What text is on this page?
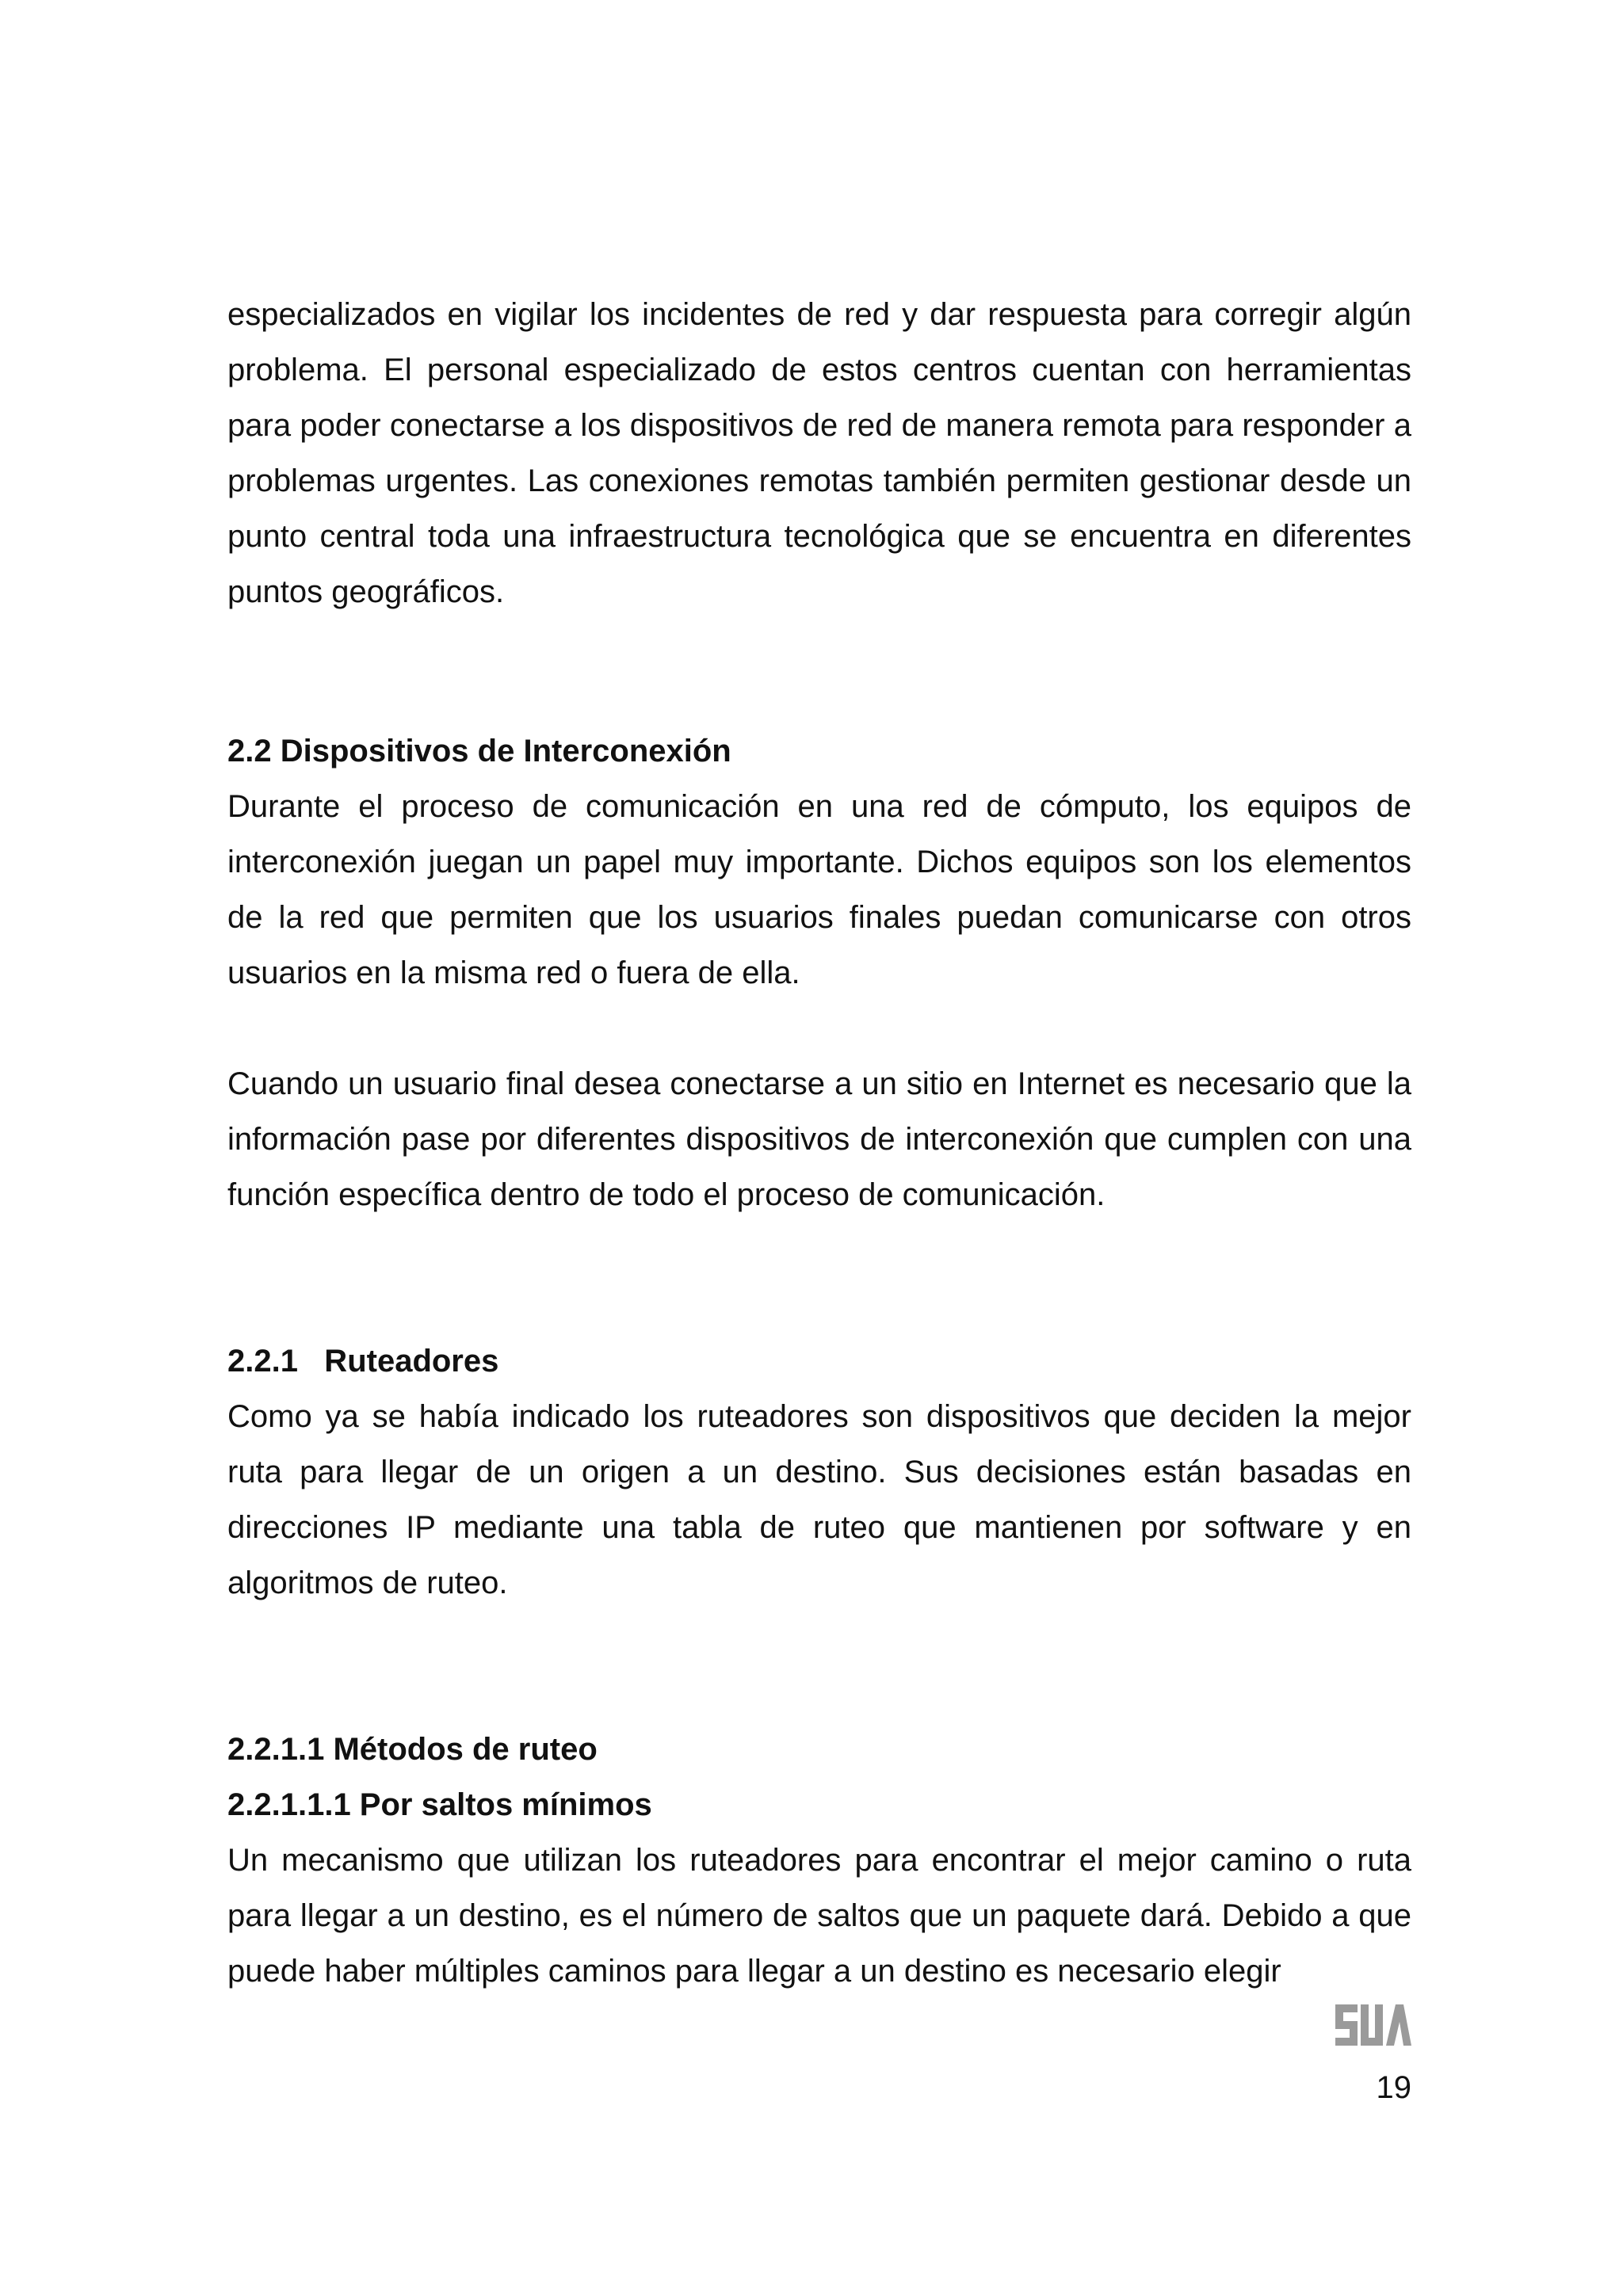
especializados en vigilar los incidentes de red y dar respuesta para corregir algún problema. El personal especializado de estos centros cuentan con herramientas para poder conectarse a los dispositivos de red de manera remota para responder a problemas urgentes. Las conexiones remotas también permiten gestionar desde un punto central toda una infraestructura tecnológica que se encuentra en diferentes puntos geográficos.

2.2 Dispositivos de Interconexión

Durante el proceso de comunicación en una red de cómputo, los equipos de interconexión juegan un papel muy importante. Dichos equipos son los elementos de la red que permiten que los usuarios finales puedan comunicarse con otros usuarios en la misma red o fuera de ella.

Cuando un usuario final desea conectarse a un sitio en Internet es necesario que la información pase por diferentes dispositivos de interconexión que cumplen con una función específica dentro de todo el proceso de comunicación.

2.2.1   Ruteadores

Como ya se había indicado los ruteadores son dispositivos que deciden la mejor ruta para llegar de un origen a un destino. Sus decisiones están basadas en direcciones IP mediante una tabla de ruteo que mantienen por software y en algoritmos de ruteo.

2.2.1.1 Métodos de ruteo
2.2.1.1.1 Por saltos mínimos

Un mecanismo que utilizan los ruteadores para encontrar el mejor camino o ruta para llegar a un destino, es el número de saltos que un paquete dará. Debido a que puede haber múltiples caminos para llegar a un destino es necesario elegir

19
